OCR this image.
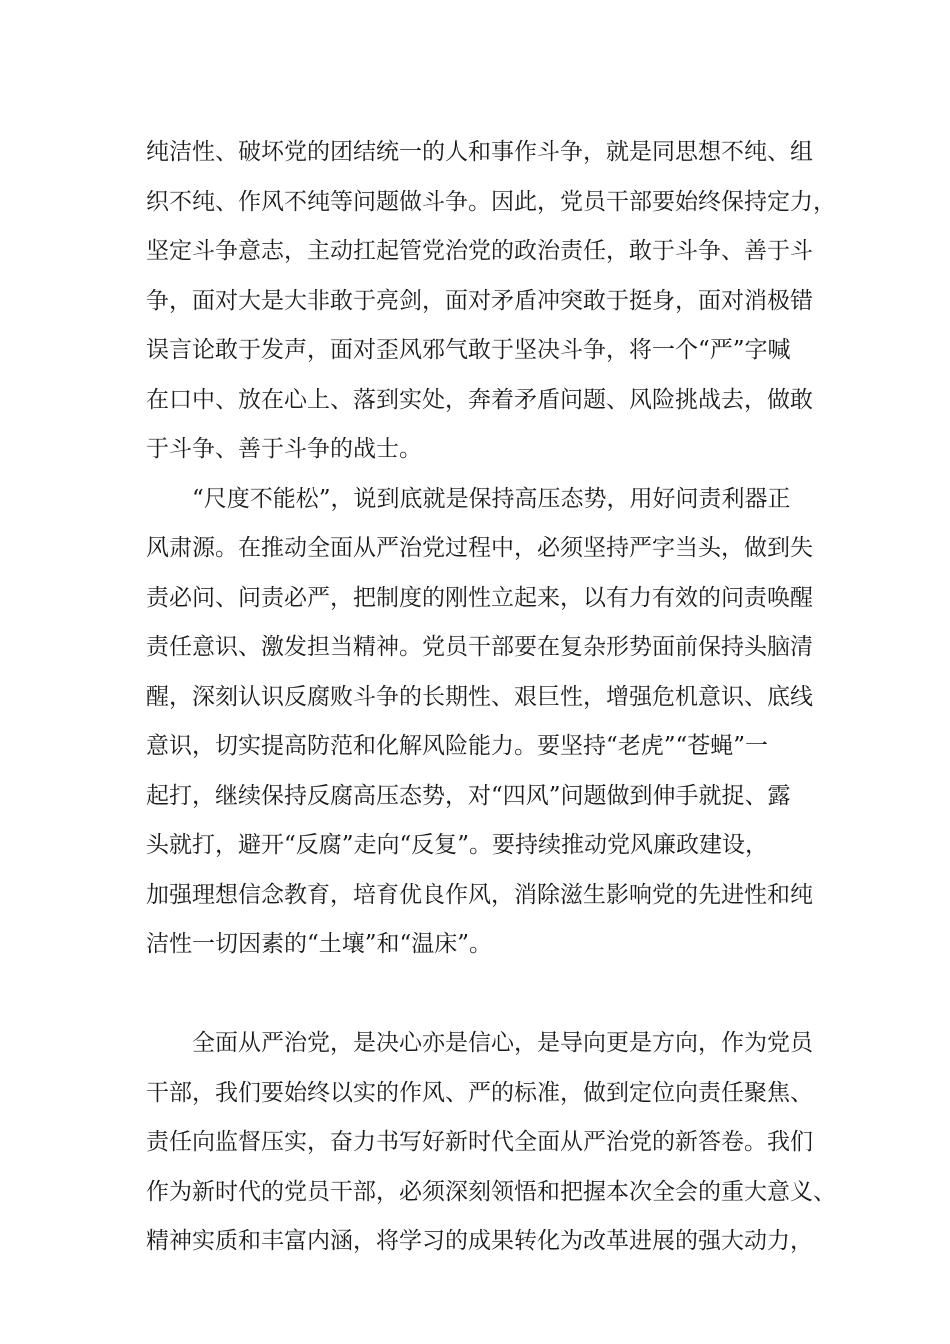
纯洁性、破坏党的团结统一的人和事作斗争，就是同思想不纯、组
织不纯、作风不纯等问题做斗争。因此，党员干部要始终保持定力，
坚定斗争意志，主动扛起管党治党的政治责任，敢于斗争、善于斗
争，面对大是大非敢于亮剑，面对矛盾冲突敢于挺身，面对消极错
误言论敢于发声，面对歪风邪气敢于坚决斗争，将一个“严”字喊
在口中、放在心上、落到实处，奔着矛盾问题、风险挑战去，做敢
于斗争、善于斗争的战士。
“尺度不能松”，说到底就是保持高压态势，用好问责利器正
风肃源。在推动全面从严治党过程中，必须坚持严字当头，做到失
责必问、问责必严，把制度的刚性立起来，以有力有效的问责唤醒
责任意识、激发担当精神。党员干部要在复杂形势面前保持头脑清
醒，深刻认识反腐败斗争的长期性、艰巨性，增强危机意识、底线
意识，切实提高防范和化解风险能力。要坚持“老虎”“苍蝇”一
起打，继续保持反腐高压态势，对“四风”问题做到伸手就捉、露
头就打，避开“反腐”走向“反复”。要持续推动党风廉政建设，
加强理想信念教育，培育优良作风，消除滋生影响党的先进性和纯
洁性一切因素的“土壤”和“温床”。
全面从严治党，是决心亦是信心，是导向更是方向，作为党员
干部，我们要始终以实的作风、严的标准，做到定位向责任聚焦、
责任向监督压实，奋力书写好新时代全面从严治党的新答卷。我们
作为新时代的党员干部，必须深刻领悟和把握本次全会的重大意义、
精神实质和丰富内涵，将学习的成果转化为改革进展的强大动力，
